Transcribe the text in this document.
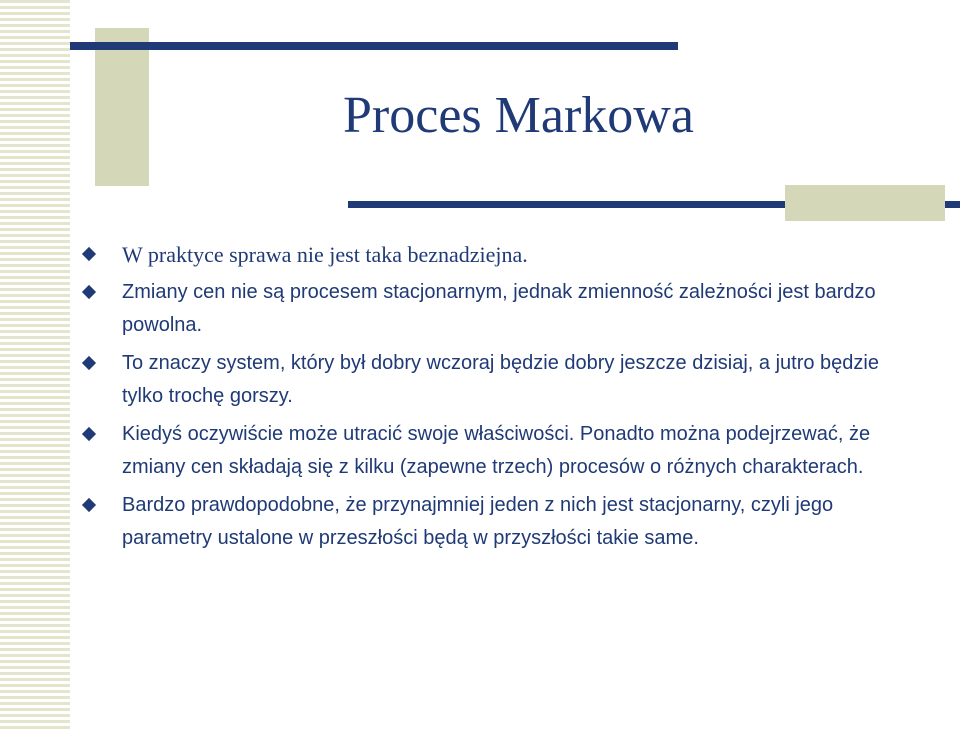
Proces Markowa
W praktyce sprawa nie jest taka beznadziejna.
Zmiany cen nie są procesem stacjonarnym, jednak zmienność zależności jest bardzo powolna.
To znaczy system, który był dobry wczoraj będzie dobry jeszcze dzisiaj, a jutro będzie tylko trochę gorszy.
Kiedyś oczywiście może utracić swoje właściwości. Ponadto można podejrzewać, że zmiany cen składają się z kilku (zapewne trzech) procesów o różnych charakterach.
Bardzo prawdopodobne, że przynajmniej jeden z nich jest stacjonarny, czyli jego parametry ustalone w przeszłości będą w przyszłości takie same.
